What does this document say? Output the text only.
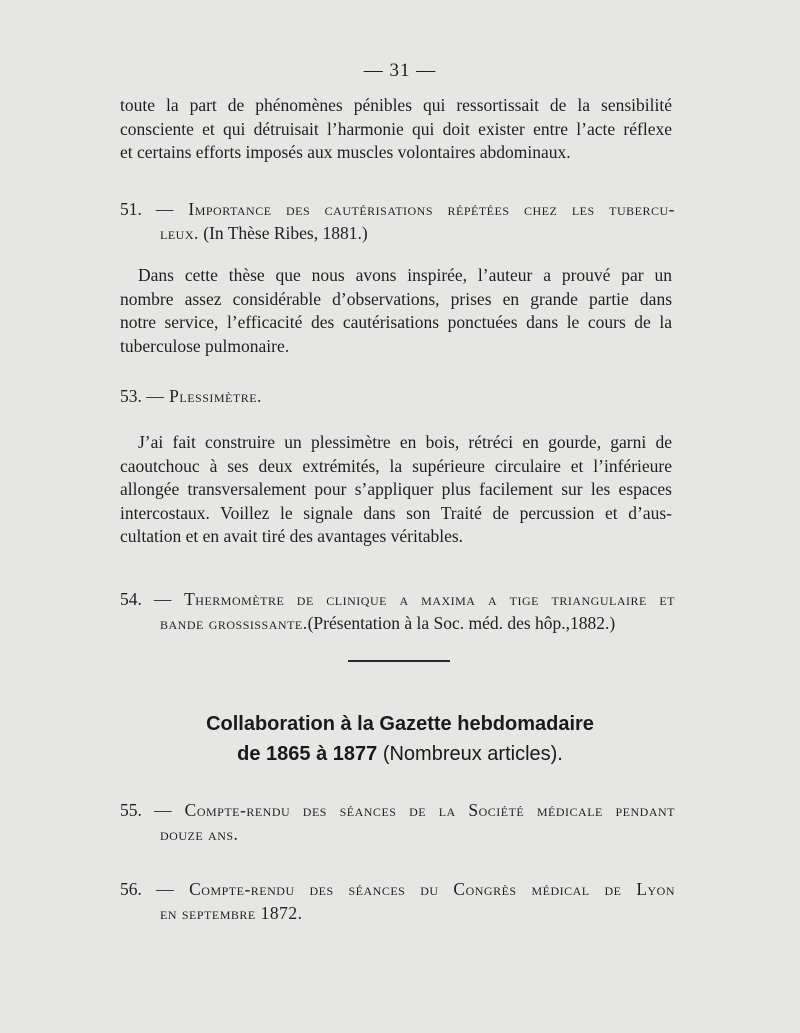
— 31 —
toute la part de phénomènes pénibles qui ressortissait de la sensibilité
consciente et qui détruisait l’harmonie qui doit exister entre l’acte réflexe
et certains efforts imposés aux muscles volontaires abdominaux.
51. — Importance des cautérisations répétées chez les tubercu-
leux. (In Thèse Ribes, 1881.)
Dans cette thèse que nous avons inspirée, l’auteur a prouvé par un
nombre assez considérable d’observations, prises en grande partie dans
notre service, l’efficacité des cautérisations ponctuées dans le cours de la
tuberculose pulmonaire.
53. — Plessimètre.
J’ai fait construire un plessimètre en bois, rétréci en gourde, garni de
caoutchouc à ses deux extrémités, la supérieure circulaire et l’inférieure
allongée transversalement pour s’appliquer plus facilement sur les espaces
intercostaux. Voillez le signale dans son Traité de percussion et d’aus-
cultation et en avait tiré des avantages véritables.
54. — Thermomètre de clinique a maxima a tige triangulaire et
bande grossissante.(Présentation à la Soc. méd. des hôp.,1882.)
Collaboration à la Gazette hebdomadaire
de 1865 à 1877 (Nombreux articles).
55. — Compte-rendu des séances de la Société médicale pendant
douze ans.
56. — Compte-rendu des séances du Congrès médical de Lyon
en septembre 1872.
